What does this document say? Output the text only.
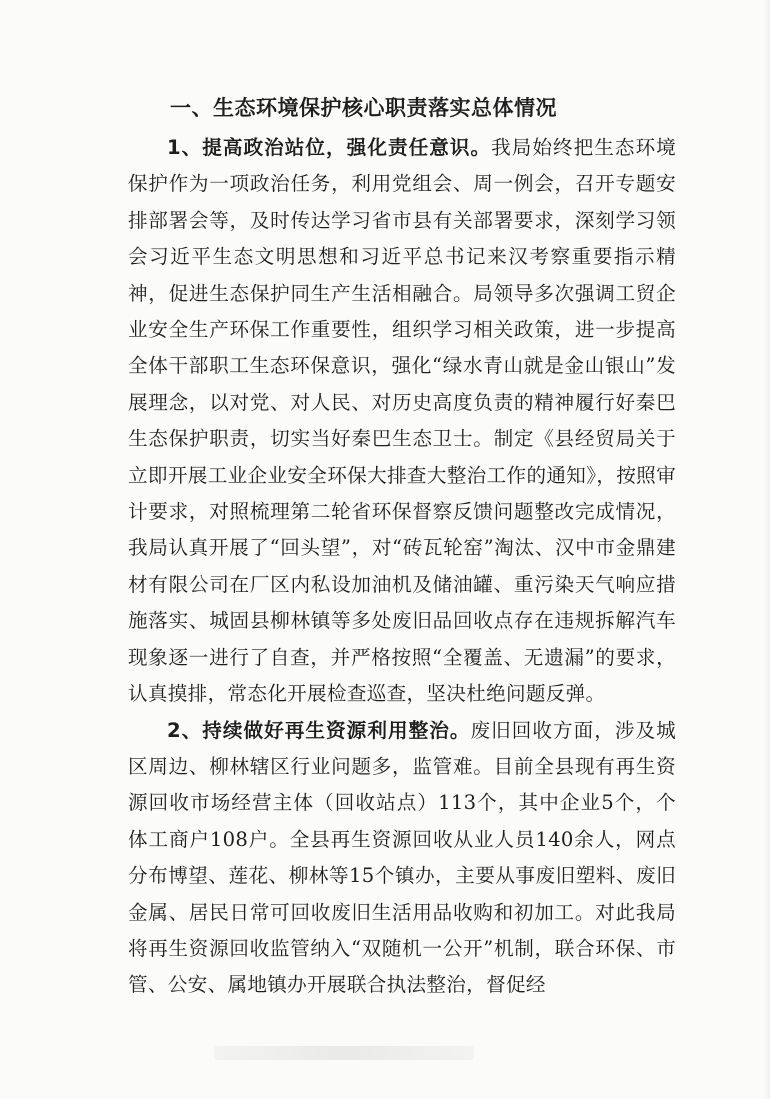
一、生态环境保护核心职责落实总体情况

1、提高政治站位，强化责任意识。我局始终把生态环境保护作为一项政治任务，利用党组会、周一例会，召开专题安排部署会等，及时传达学习省市县有关部署要求，深刻学习领会习近平生态文明思想和习近平总书记来汉考察重要指示精神，促进生态保护同生产生活相融合。局领导多次强调工贸企业安全生产环保工作重要性，组织学习相关政策，进一步提高全体干部职工生态环保意识，强化“绿水青山就是金山银山”发展理念，以对党、对人民、对历史高度负责的精神履行好秦巴生态保护职责，切实当好秦巴生态卫士。制定《县经贸局关于立即开展工业企业安全环保大排查大整治工作的通知》，按照审计要求，对照梳理第二轮省环保督察反馈问题整改完成情况，我局认真开展了“回头望”，对“砖瓦轮窑”淘汰、汉中市金鼎建材有限公司在厂区内私设加油机及储油罐、重污染天气响应措施落实、城固县柳林镇等多处废旧品回收点存在违规拆解汽车现象逐一进行了自查，并严格按照“全覆盖、无遗漏”的要求，认真摸排，常态化开展检查巡查，坚决杜绝问题反弹。

2、持续做好再生资源利用整治。废旧回收方面，涉及城区周边、柳林辖区行业问题多，监管难。目前全县现有再生资源回收市场经营主体（回收站点）113个，其中企业5个，个体工商户108户。全县再生资源回收从业人员140余人，网点分布博望、莲花、柳林等15个镇办，主要从事废旧塑料、废旧金属、居民日常可回收废旧生活用品收购和初加工。对此我局将再生资源回收监管纳入“双随机一公开”机制，联合环保、市管、公安、属地镇办开展联合执法整治，督促经
